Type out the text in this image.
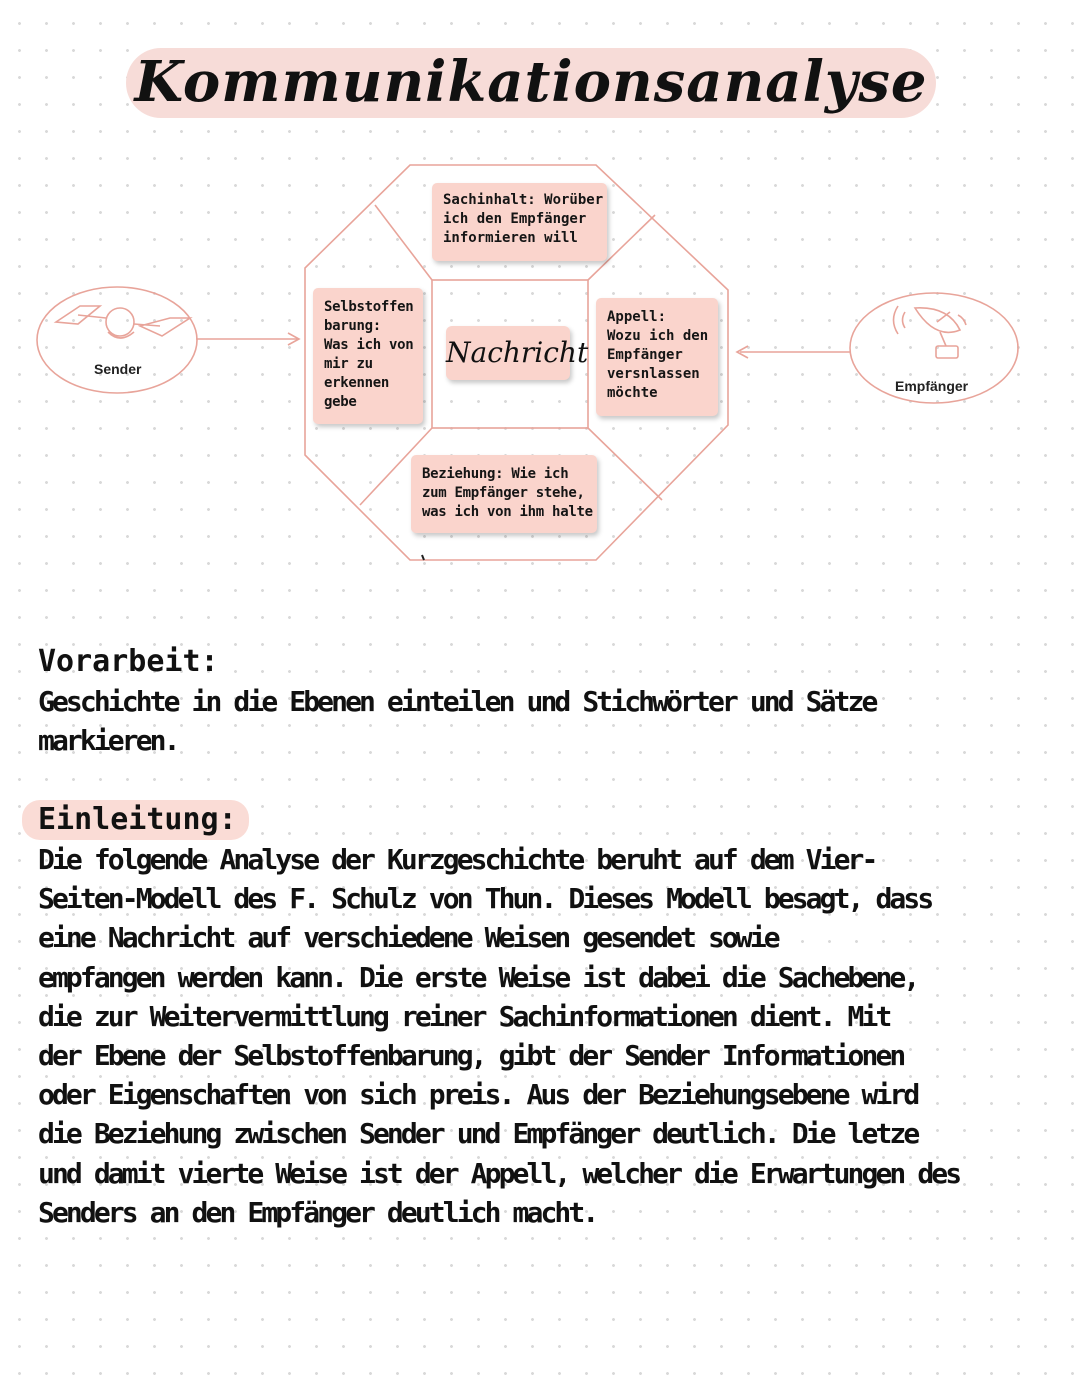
Kommunikationsanalyse
Sender
Empfänger
Sachinhalt: Worüber
ich den Empfänger
informieren will
Selbstoffen
barung:
Was ich von
mir zu
erkennen
gebe
Appell:
Wozu ich den
Empfänger
versnlassen
möchte
Beziehung: Wie ich
zum Empfänger stehe,
was ich von ihm halte
Nachricht
Vorarbeit:

Geschichte in die Ebenen einteilen und Stichwörter und Sätze

markieren.

Einleitung:

Die folgende Analyse der Kurzgeschichte beruht auf dem Vier-

Seiten-Modell des F. Schulz von Thun. Dieses Modell besagt, dass

eine Nachricht auf verschiedene Weisen gesendet sowie

empfangen werden kann. Die erste Weise ist dabei die Sachebene,

die zur Weitervermittlung reiner Sachinformationen dient. Mit

der Ebene der Selbstoffenbarung, gibt der Sender Informationen

oder Eigenschaften von sich preis. Aus der Beziehungsebene wird

die Beziehung zwischen Sender und Empfänger deutlich. Die letze

und damit vierte Weise ist der Appell, welcher die Erwartungen des

Senders an den Empfänger deutlich macht.
